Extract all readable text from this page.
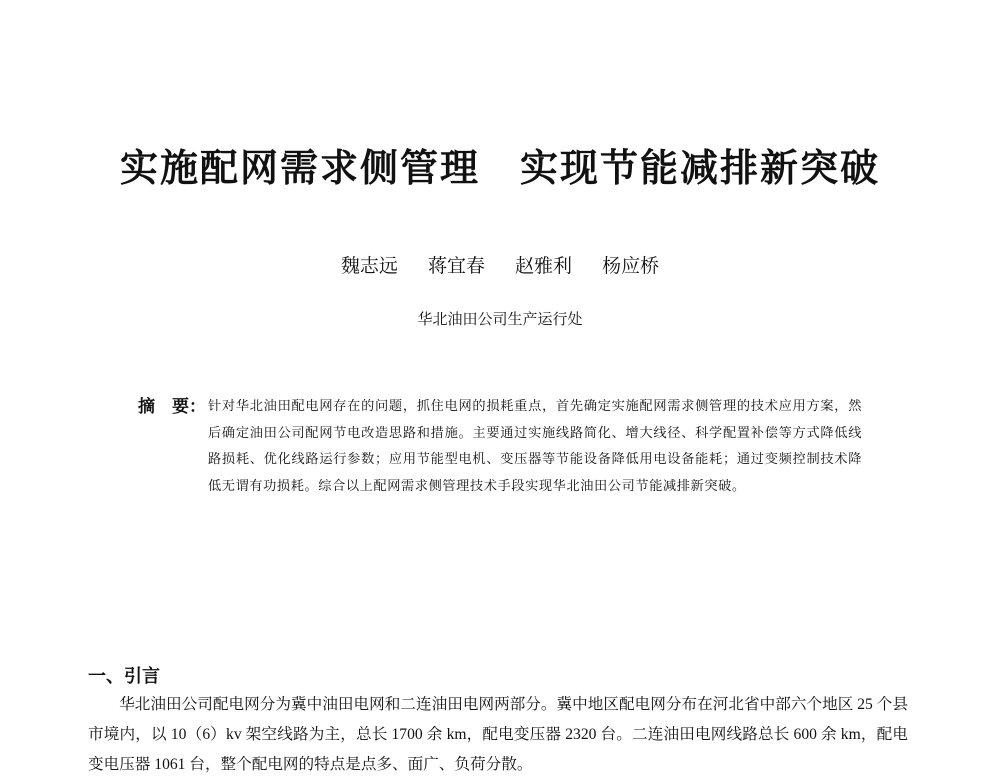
实施配网需求侧管理 实现节能减排新突破
魏志远 蒋宜春 赵雅利 杨应桥
华北油田公司生产运行处
摘　要： 针对华北油田配电网存在的问题，抓住电网的损耗重点，首先确定实施配网需求侧管理的技术应用方案，然后确定油田公司配网节电改造思路和措施。主要通过实施线路简化、增大线径、科学配置补偿等方式降低线路损耗、优化线路运行参数；应用节能型电机、变压器等节能设备降低用电设备能耗；通过变频控制技术降低无谓有功损耗。综合以上配网需求侧管理技术手段实现华北油田公司节能减排新突破。
一、引言
华北油田公司配电网分为冀中油田电网和二连油田电网两部分。冀中地区配电网分布在河北省中部六个地区 25 个县市境内，以 10（6）kv 架空线路为主，总长 1700 余 km，配电变压器 2320 台。二连油田电网线路总长 600 余 km，配电变电压器 1061 台，整个配电网的特点是点多、面广、负荷分散。
